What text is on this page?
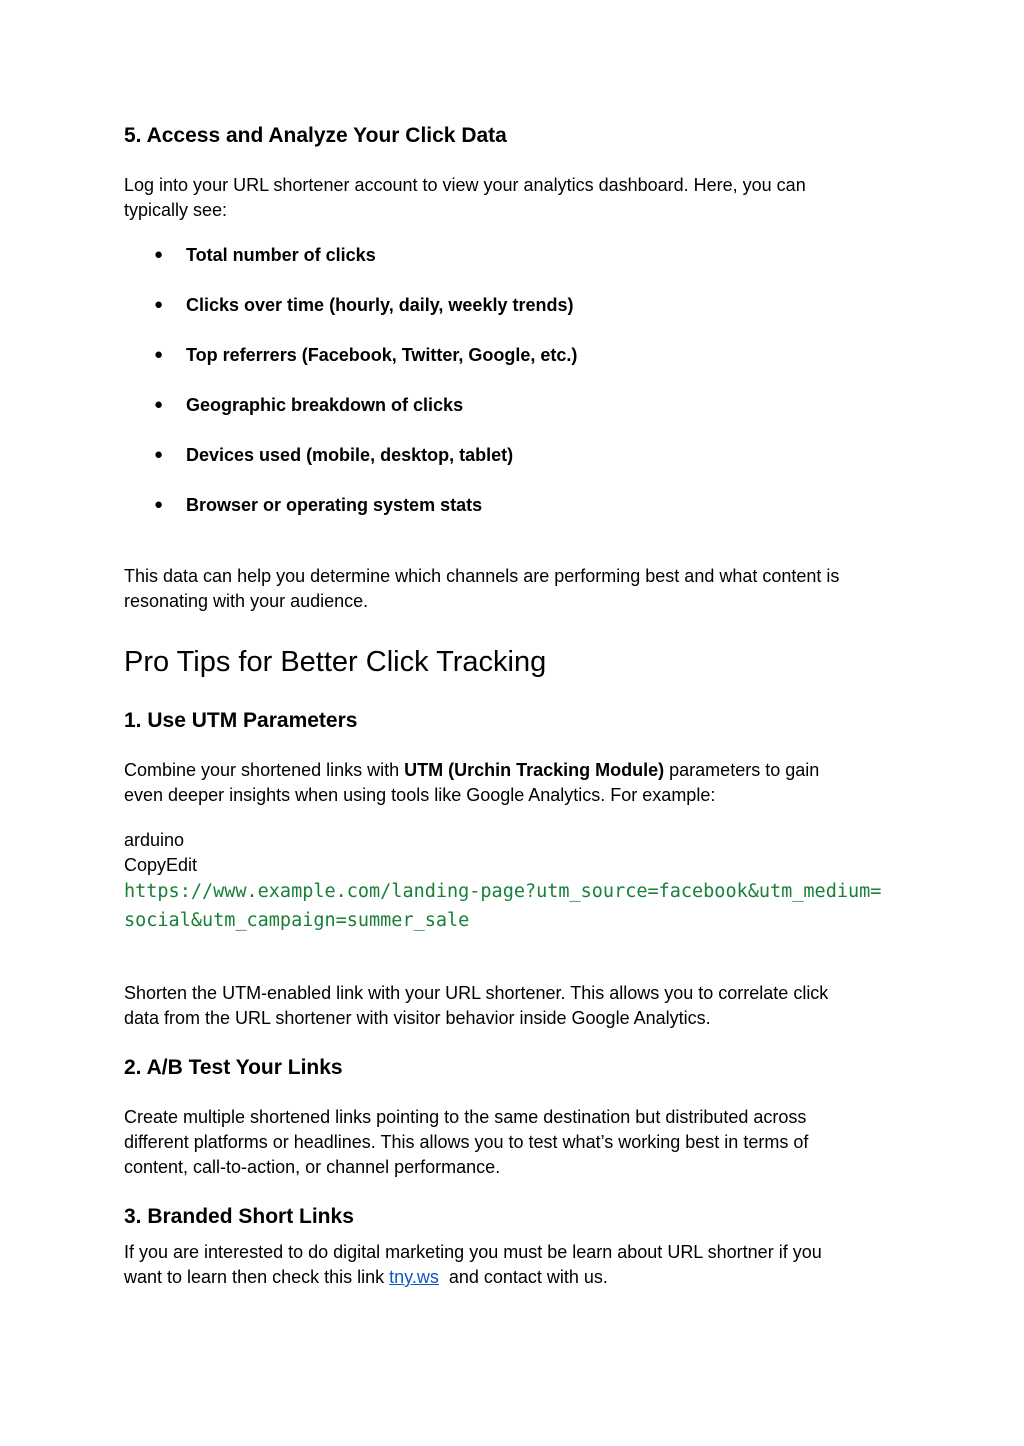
5. Access and Analyze Your Click Data
Log into your URL shortener account to view your analytics dashboard. Here, you can
typically see:
● Total number of clicks
● Clicks over time (hourly, daily, weekly trends)
● Top referrers (Facebook, Twitter, Google, etc.)
● Geographic breakdown of clicks
● Devices used (mobile, desktop, tablet)
● Browser or operating system stats
This data can help you determine which channels are performing best and what content is
resonating with your audience.
Pro Tips for Better Click Tracking
1. Use UTM Parameters
Combine your shortened links with UTM (Urchin Tracking Module) parameters to gain
even deeper insights when using tools like Google Analytics. For example:
arduino
CopyEdit
https://www.example.com/landing-page?utm_source=facebook&utm_medium=
social&utm_campaign=summer_sale
Shorten the UTM-enabled link with your URL shortener. This allows you to correlate click
data from the URL shortener with visitor behavior inside Google Analytics.
2. A/B Test Your Links
Create multiple shortened links pointing to the same destination but distributed across
different platforms or headlines. This allows you to test what’s working best in terms of
content, call-to-action, or channel performance.
3. Branded Short Links
If you are interested to do digital marketing you must be learn about URL shortner if you
want to learn then check this link tny.ws  and contact with us.
